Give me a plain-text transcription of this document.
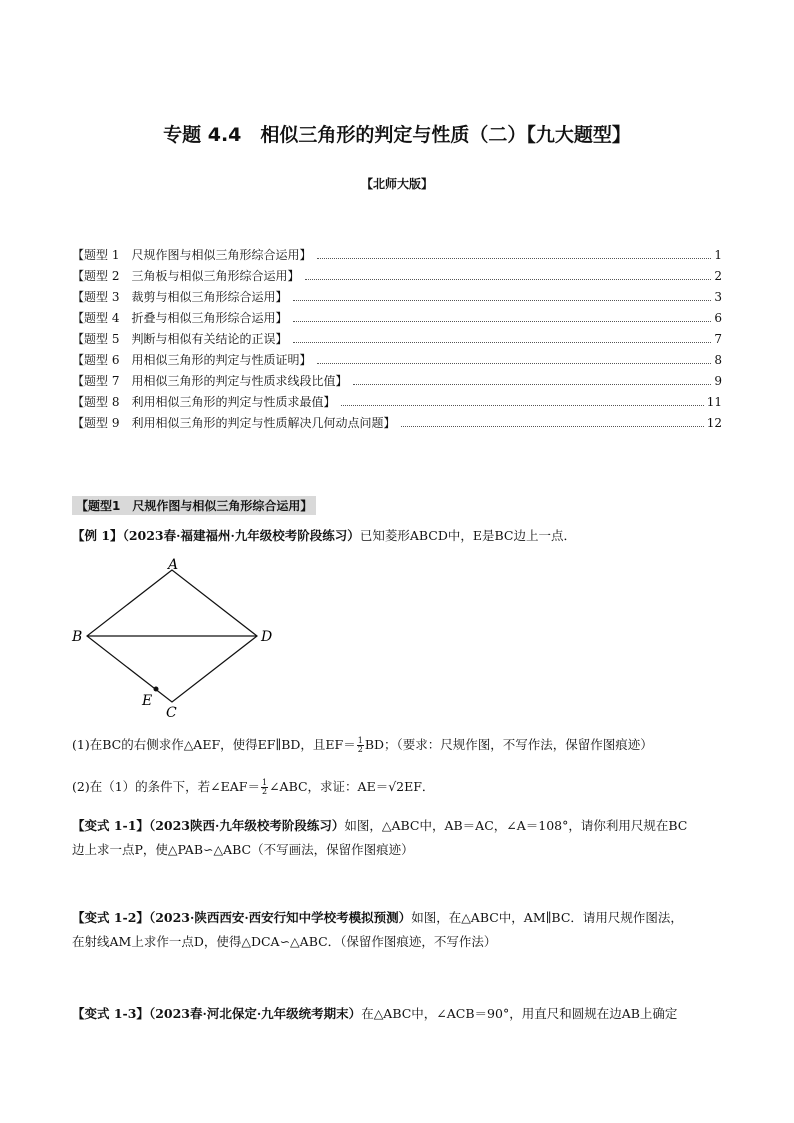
专题 4.4　相似三角形的判定与性质（二）【九大题型】
【北师大版】
【题型 1　尺规作图与相似三角形综合运用】	1
【题型 2　三角板与相似三角形综合运用】	2
【题型 3　裁剪与相似三角形综合运用】	3
【题型 4　折叠与相似三角形综合运用】	6
【题型 5　判断与相似有关结论的正误】	7
【题型 6　用相似三角形的判定与性质证明】	8
【题型 7　用相似三角形的判定与性质求线段比值】	9
【题型 8　利用相似三角形的判定与性质求最值】	11
【题型 9　利用相似三角形的判定与性质解决几何动点问题】	12
【题型1　尺规作图与相似三角形综合运用】
【例 1】（2023春·福建福州·九年级校考阶段练习）已知菱形ABCD中，E是BC边上一点．
A
B	D
C
E
(1)在BC的右侧求作△AEF，使得EF∥BD，且$EF= \frac{1}{2}$ BD；（要求：尺规作图，不写作法，保留作图痕迹）
(2)在（1）的条件下，若∠EAF＝ $\frac{1}{2}$ ∠ABC，求证：AE＝√2EF．
【变式 1-1】（2023陕西·九年级校考阶段练习）如图，△ABC中，AB＝AC，∠A＝108°，请你利用尺规在BC
边上求一点P，使△PAB∽△ABC（不写画法，保留作图痕迹）
【变式 1-2】（2023·陕西西安·西安行知中学校考模拟预测）如图，在△ABC中，AM∥BC．请用尺规作图法，
在射线AM上求作一点D，使得△DCA∽△ABC．（保留作图痕迹，不写作法）
【变式 1-3】（2023春·河北保定·九年级统考期末）在△ABC中，∠ACB＝90°，用直尺和圆规在边AB上确定
